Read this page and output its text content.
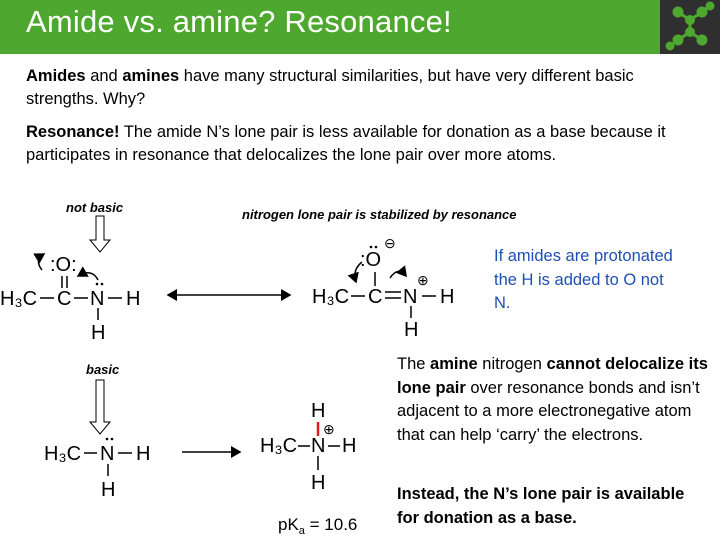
Amide vs. amine? Resonance!
Amides and amines have many structural similarities, but have very different basic strengths. Why?
Resonance! The amide N’s lone pair is less available for donation as a base because it participates in resonance that delocalizes the lone pair over more atoms.
not basic	nitrogen lone pair is stabilized by resonance
basic
:O:
H₃C C N H
H
:O
⊖
H₃C C N
⊕
H
H
H₃C N H
H
H
⊕
H₃C N H
H
$pK_a = 10.6$
If amides are protonated the H is added to O not N.
The amine nitrogen cannot delocalize its lone pair over resonance bonds and isn’t adjacent to a more electronegative atom that can help ‘carry’ the electrons.
Instead, the N’s lone pair is available for donation as a base.
